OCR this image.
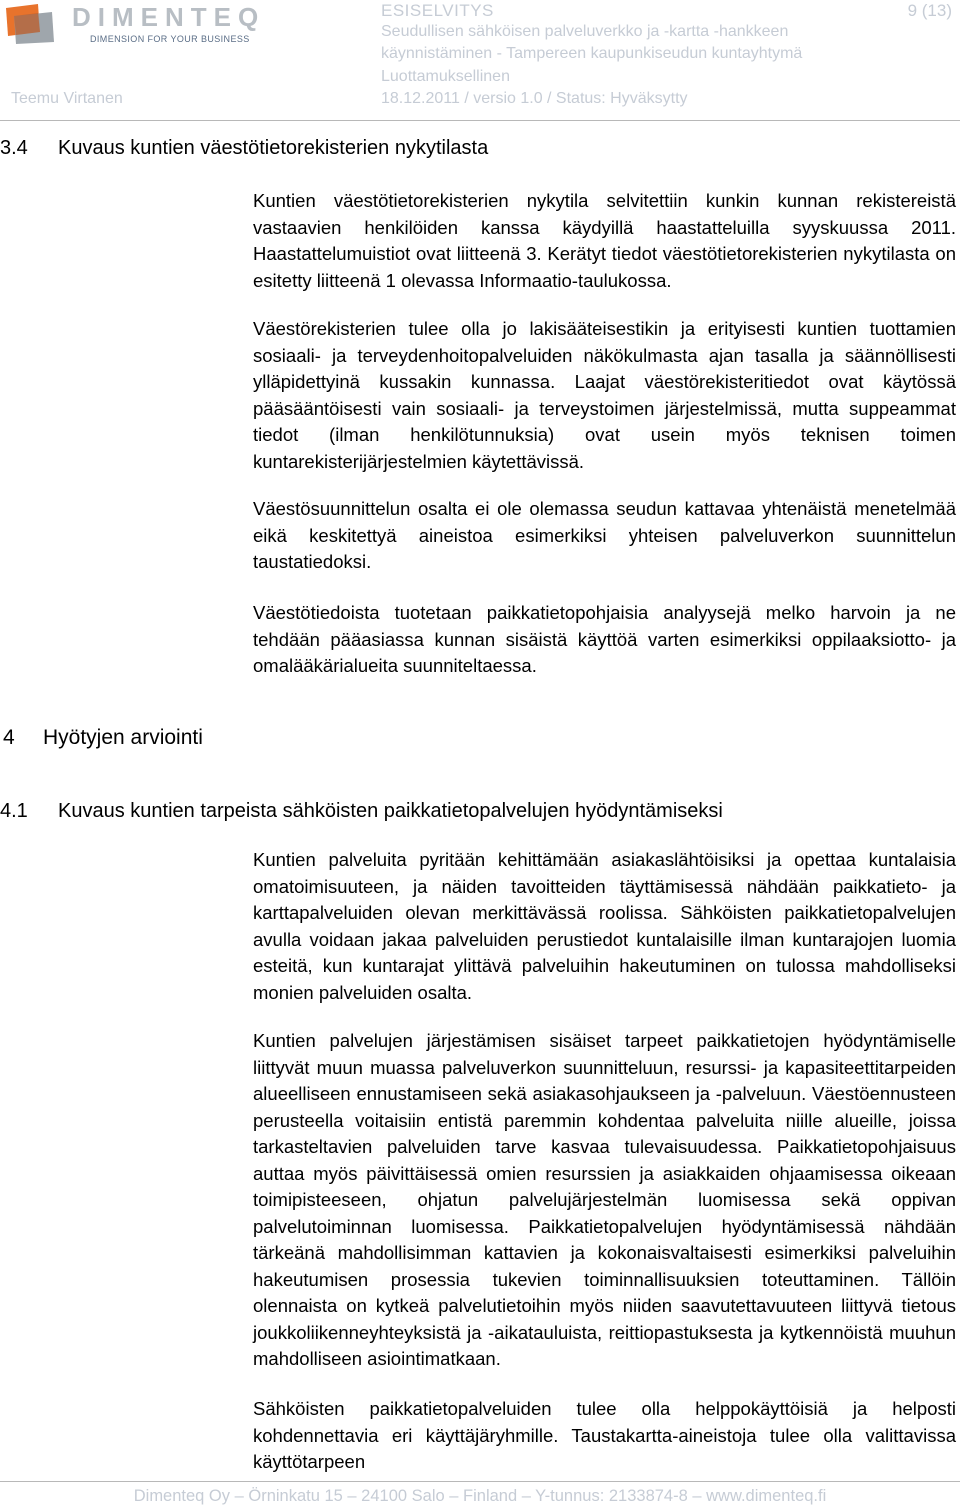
DIMENTEQ
DIMENSION FOR YOUR BUSINESS
ESISELVITYS
Seudullisen sähköisen palveluverkko ja -kartta -hankkeen käynnistäminen - Tampereen kaupunkiseudun kuntayhtymä
Luottamuksellinen
9 (13)
Teemu Virtanen	18.12.2011 / versio 1.0 / Status: Hyväksytty
3.4 Kuvaus kuntien väestötietorekisterien nykytilasta

Kuntien väestötietorekisterien nykytila selvitettiin kunkin kunnan rekistereistä vastaavien henkilöiden kanssa käydyillä haastatteluilla syyskuussa 2011. Haastattelumuistiot ovat liitteenä 3. Kerätyt tiedot väestötietorekisterien nykytilasta on esitetty liitteenä 1 olevassa Informaatio-taulukossa.

Väestörekisterien tulee olla jo lakisääteisestikin ja erityisesti kuntien tuottamien sosiaali- ja terveydenhoitopalveluiden näkökulmasta ajan tasalla ja säännöllisesti ylläpidettyinä kussakin kunnassa. Laajat väestörekisteritiedot ovat käytössä pääsääntöisesti vain sosiaali- ja terveystoimen järjestelmissä, mutta suppeammat tiedot (ilman henkilötunnuksia) ovat usein myös teknisen toimen kuntarekisterijärjestelmien käytettävissä.

Väestösuunnittelun osalta ei ole olemassa seudun kattavaa yhtenäistä menetelmää eikä keskitettyä aineistoa esimerkiksi yhteisen palveluverkon suunnittelun taustatiedoksi.

Väestötiedoista tuotetaan paikkatietopohjaisia analyysejä melko harvoin ja ne tehdään pääasiassa kunnan sisäistä käyttöä varten esimerkiksi oppilaaksiotto- ja omalääkärialueita suunniteltaessa.

4 Hyötyjen arviointi
4.1 Kuvaus kuntien tarpeista sähköisten paikkatietopalvelujen hyödyntämiseksi

Kuntien palveluita pyritään kehittämään asiakaslähtöisiksi ja opettaa kuntalaisia omatoimisuuteen, ja näiden tavoitteiden täyttämisessä nähdään paikkatieto- ja karttapalveluiden olevan merkittävässä roolissa. Sähköisten paikkatietopalvelujen avulla voidaan jakaa palveluiden perustiedot kuntalaisille ilman kuntarajojen luomia esteitä, kun kuntarajat ylittävä palveluihin hakeutuminen on tulossa mahdolliseksi monien palveluiden osalta.

Kuntien palvelujen järjestämisen sisäiset tarpeet paikkatietojen hyödyntämiselle liittyvät muun muassa palveluverkon suunnitteluun, resurssi- ja kapasiteettitarpeiden alueelliseen ennustamiseen sekä asiakasohjaukseen ja -palveluun. Väestöennusteen perusteella voitaisiin entistä paremmin kohdentaa palveluita niille alueille, joissa tarkasteltavien palveluiden tarve kasvaa tulevaisuudessa. Paikkatietopohjaisuus auttaa myös päivittäisessä omien resurssien ja asiakkaiden ohjaamisessa oikeaan toimipisteeseen, ohjatun palvelujärjestelmän luomisessa sekä oppivan palvelutoiminnan luomisessa. Paikkatietopalvelujen hyödyntämisessä nähdään tärkeänä mahdollisimman kattavien ja kokonaisvaltaisesti esimerkiksi palveluihin hakeutumisen prosessia tukevien toiminnallisuuksien toteuttaminen. Tällöin olennaista on kytkeä palvelutietoihin myös niiden saavutettavuuteen liittyvä tietous joukkoliikenneyhteyksistä ja -aikatauluista, reittiopastuksesta ja kytkennöistä muuhun mahdolliseen asiointimatkaan.

Sähköisten paikkatietopalveluiden tulee olla helppokäyttöisiä ja helposti kohdennettavia eri käyttäjäryhmille. Taustakartta-aineistoja tulee olla valittavissa käyttötarpeen

Dimenteq Oy – Örninkatu 15 – 24100 Salo – Finland – Y-tunnus: 2133874-8 – www.dimenteq.fi
